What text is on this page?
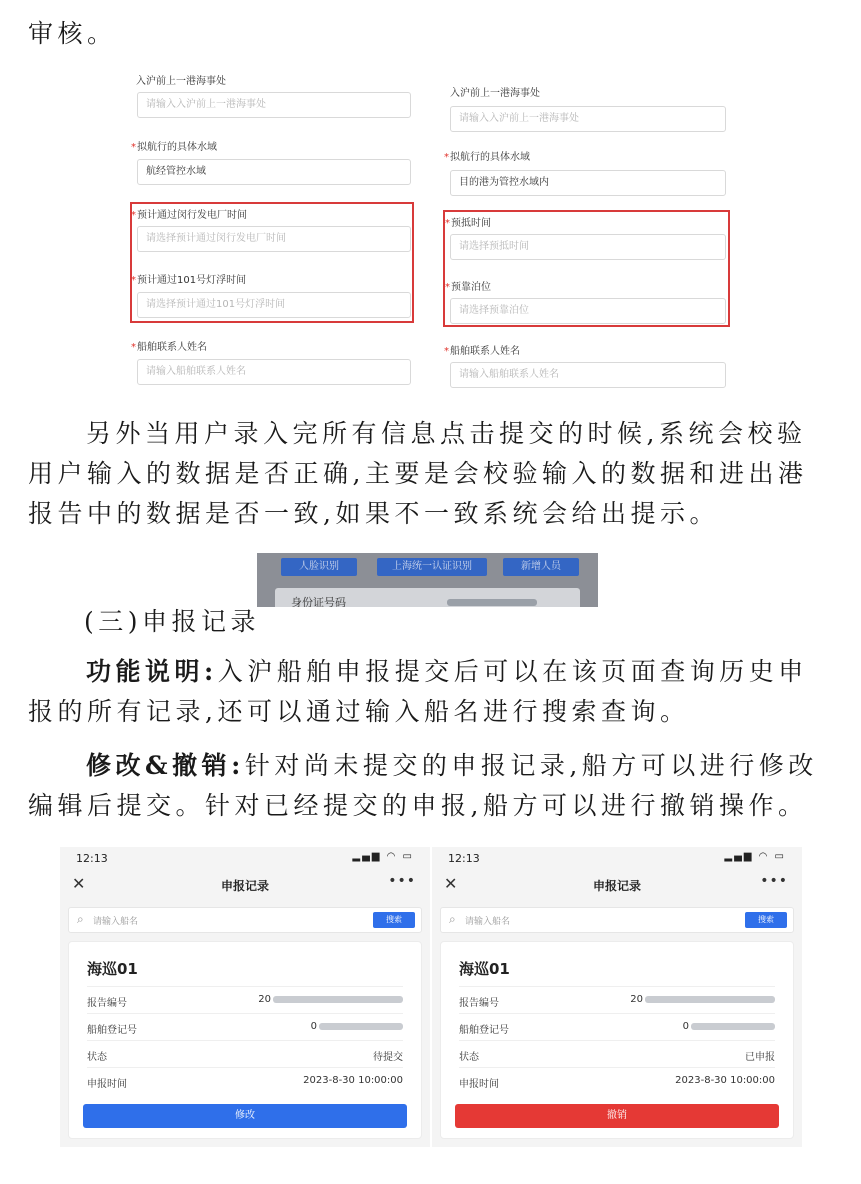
审核。
入沪前上一港海事处
请输入入沪前上一港海事处
*拟航行的具体水域
航经管控水域
*预计通过闵行发电厂时间
请选择预计通过闵行发电厂时间
*预计通过101号灯浮时间
请选择预计通过101号灯浮时间
*船舶联系人姓名
请输入船舶联系人姓名
入沪前上一港海事处
请输入入沪前上一港海事处
*拟航行的具体水域
目的港为管控水域内
*预抵时间
请选择预抵时间
*预靠泊位
请选择预靠泊位
*船舶联系人姓名
请输入船舶联系人姓名
另外当用户录入完所有信息点击提交的时候,系统会校验用户输入的数据是否正确,主要是会校验输入的数据和进出港报告中的数据是否一致,如果不一致系统会给出提示。
人脸识别	上海统一认证识别	新增人员
身份证号码
(三)申报记录
功能说明:入沪船舶申报提交后可以在该页面查询历史申报的所有记录,还可以通过输入船名进行搜索查询。
修改&撤销:针对尚未提交的申报记录,船方可以进行修改编辑后提交。针对已经提交的申报,船方可以进行撤销操作。
12:13	▂▄▆ ◠ ▭
✕	申报记录	•••
⌕ 请输入船名	搜索
海巡01
报告编号	20
船舶登记号	0
状态	待提交
申报时间	2023-8-30 10:00:00
修改
12:13	▂▄▆ ◠ ▭
✕	申报记录	•••
⌕ 请输入船名	搜索
海巡01
报告编号	20
船舶登记号	0
状态	已申报
申报时间	2023-8-30 10:00:00
撤销
